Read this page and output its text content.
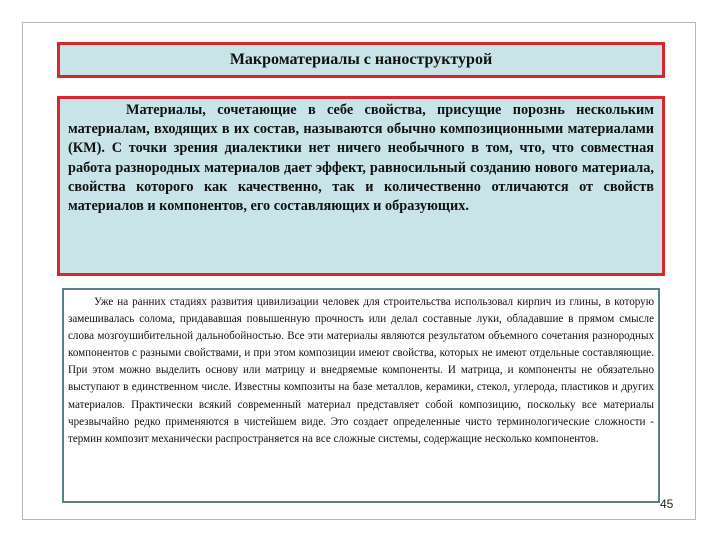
Макроматериалы с наноструктурой
Материалы, сочетающие в себе свойства, присущие порознь нескольким материалам, входящих в их состав, называются обычно композиционными материалами (КМ). С точки зрения диалектики нет ничего необычного в том, что, что совместная работа разнородных материалов дает эффект, равносильный созданию нового материала, свойства которого как качественно, так и количественно отличаются от свойств материалов и компонентов, его составляющих и образующих.
Уже на ранних стадиях развития цивилизации человек для строительства использовал кирпич из глины, в которую замешивалась солома, придававшая повышенную прочность или делал составные луки, обладавшие в прямом смысле слова мозгоушибительной дальнобойностью. Все эти материалы являются результатом объемного сочетания разнородных компонентов с разными свойствами, и при этом композиции имеют свойства, которых не имеют отдельные составляющие. При этом можно выделить основу или матрицу и внедряемые компоненты. И матрица, и компоненты не обязательно выступают в единственном числе. Известны композиты на базе металлов, керамики, стекол, углерода, пластиков и других материалов. Практически всякий современный материал представляет собой композицию, поскольку все материалы чрезвычайно редко применяются в чистейшем виде. Это создает определенные чисто терминологические сложности - термин композит механически распространяется на все сложные системы, содержащие несколько компонентов.
45
